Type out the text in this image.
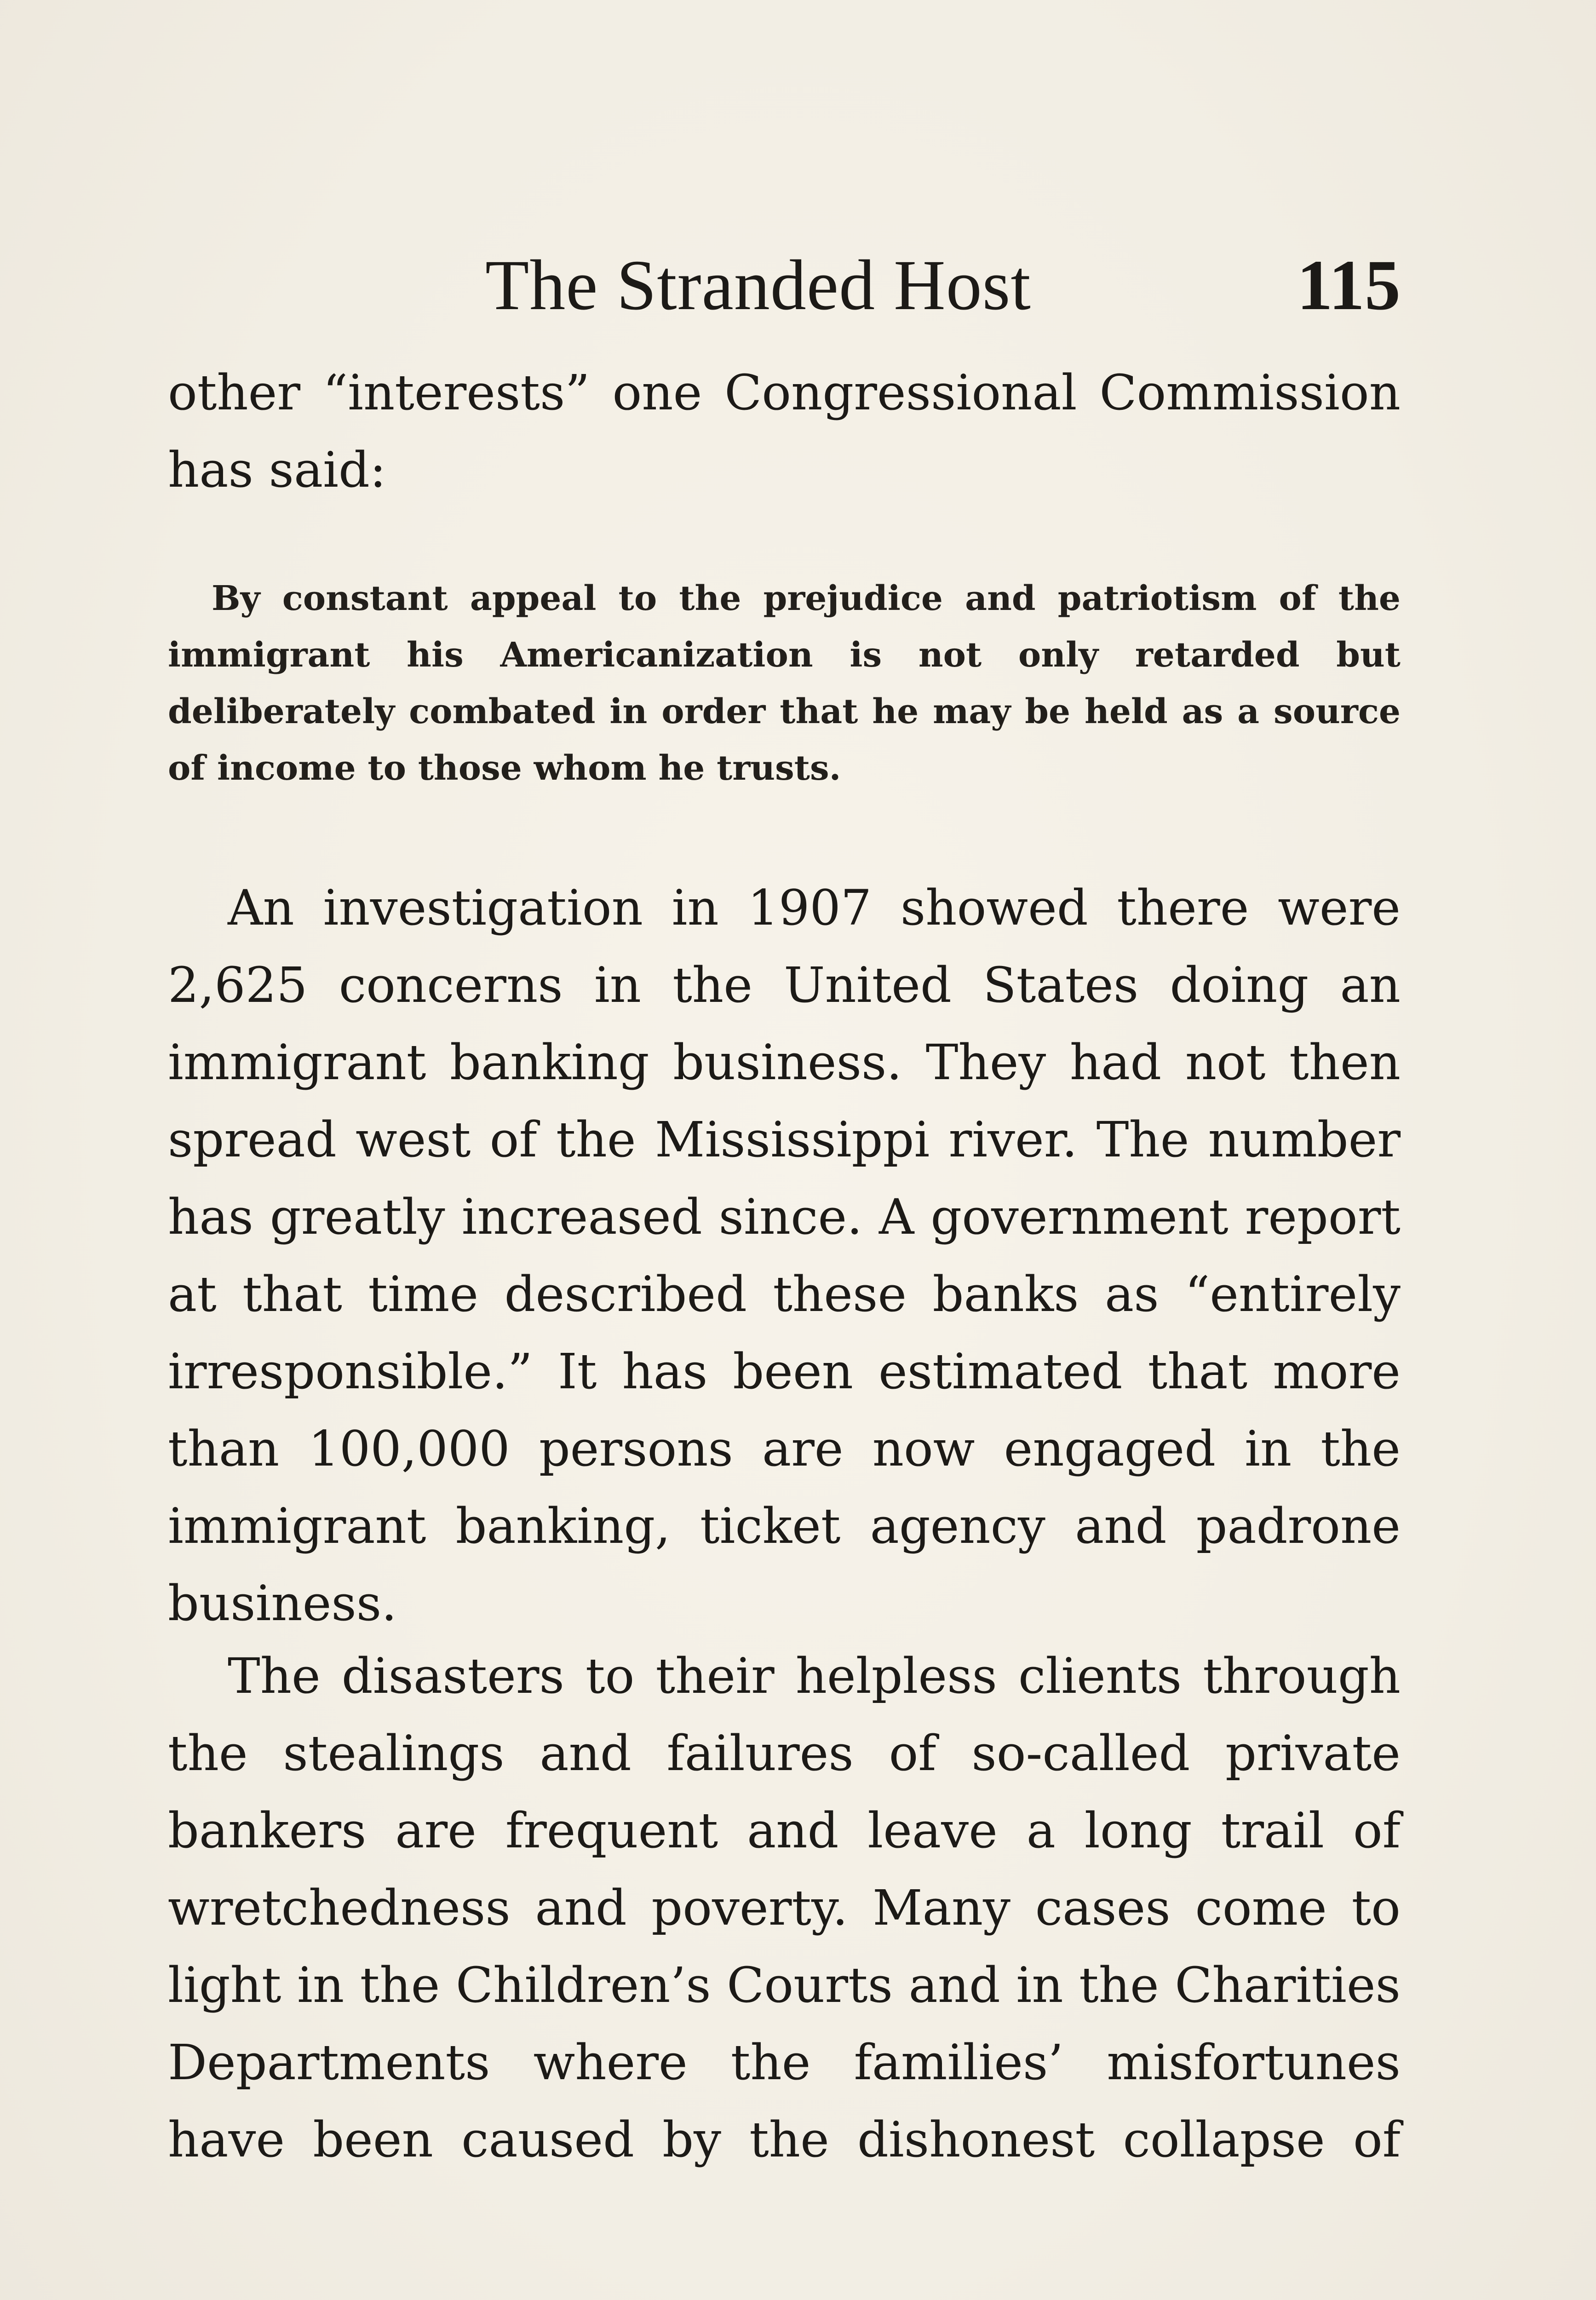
The Stranded Host	115

other “interests” one Congressional Commission has said:

By constant appeal to the prejudice and patriotism of the immigrant his Americanization is not only retarded but deliberately combated in order that he may be held as a source of income to those whom he trusts.

An investigation in 1907 showed there were 2,625 concerns in the United States doing an immigrant banking business. They had not then spread west of the Mississippi river. The number has greatly increased since. A government report at that time described these banks as “entirely irresponsible.” It has been estimated that more than 100,000 persons are now engaged in the immigrant banking, ticket agency and padrone business.

The disasters to their helpless clients through the stealings and failures of so-called private bankers are frequent and leave a long trail of wretchedness and poverty. Many cases come to light in the Children’s Courts and in the Charities Departments where the families’ misfortunes have been caused by the dishonest collapse of
